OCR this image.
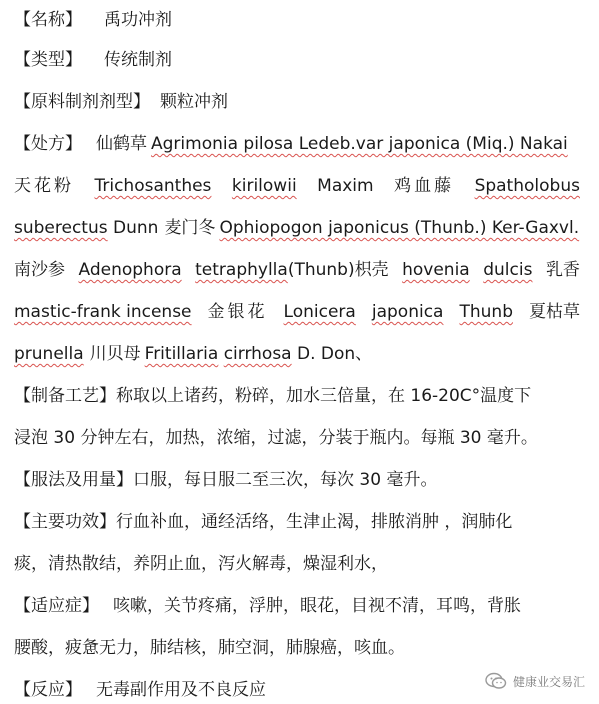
【名称】 禹功冲剂
【类型】 传统制剂
【原料制剂剂型】 颗粒冲剂
【处方】 仙鹤草 Agrimonia pilosa Ledeb.var japonica (Miq.) Nakai
天花粉 Trichosanthes kirilowii Maxim 鸡血藤 Spatholobus
suberectus Dunn 麦门冬 Ophiopogon japonicus (Thunb.) Ker-Gaxvl.
南沙参 Adenophora tetraphylla(Thunb)枳壳 hovenia dulcis 乳香
mastic-frank incense 金银花 Lonicera japonica Thunb 夏枯草
prunella 川贝母 Fritillaria cirrhosa D. Don、
【制备工艺】称取以上诸药，粉碎，加水三倍量，在 16-20C°温度下
浸泡 30 分钟左右，加热，浓缩，过滤，分装于瓶内。每瓶 30 毫升。
【服法及用量】口服，每日服二至三次，每次 30 毫升。
【主要功效】行血补血，通经活络，生津止渴，排脓消肿 ，润肺化
痰，清热散结，养阴止血，泻火解毒，燥湿利水，
【适应症】 咳嗽，关节疼痛，浮肿，眼花，目视不清，耳鸣，背胀
腰酸，疲惫无力，肺结核，肺空洞，肺腺癌，咳血。
【反应】 无毒副作用及不良反应	健康业交易汇
